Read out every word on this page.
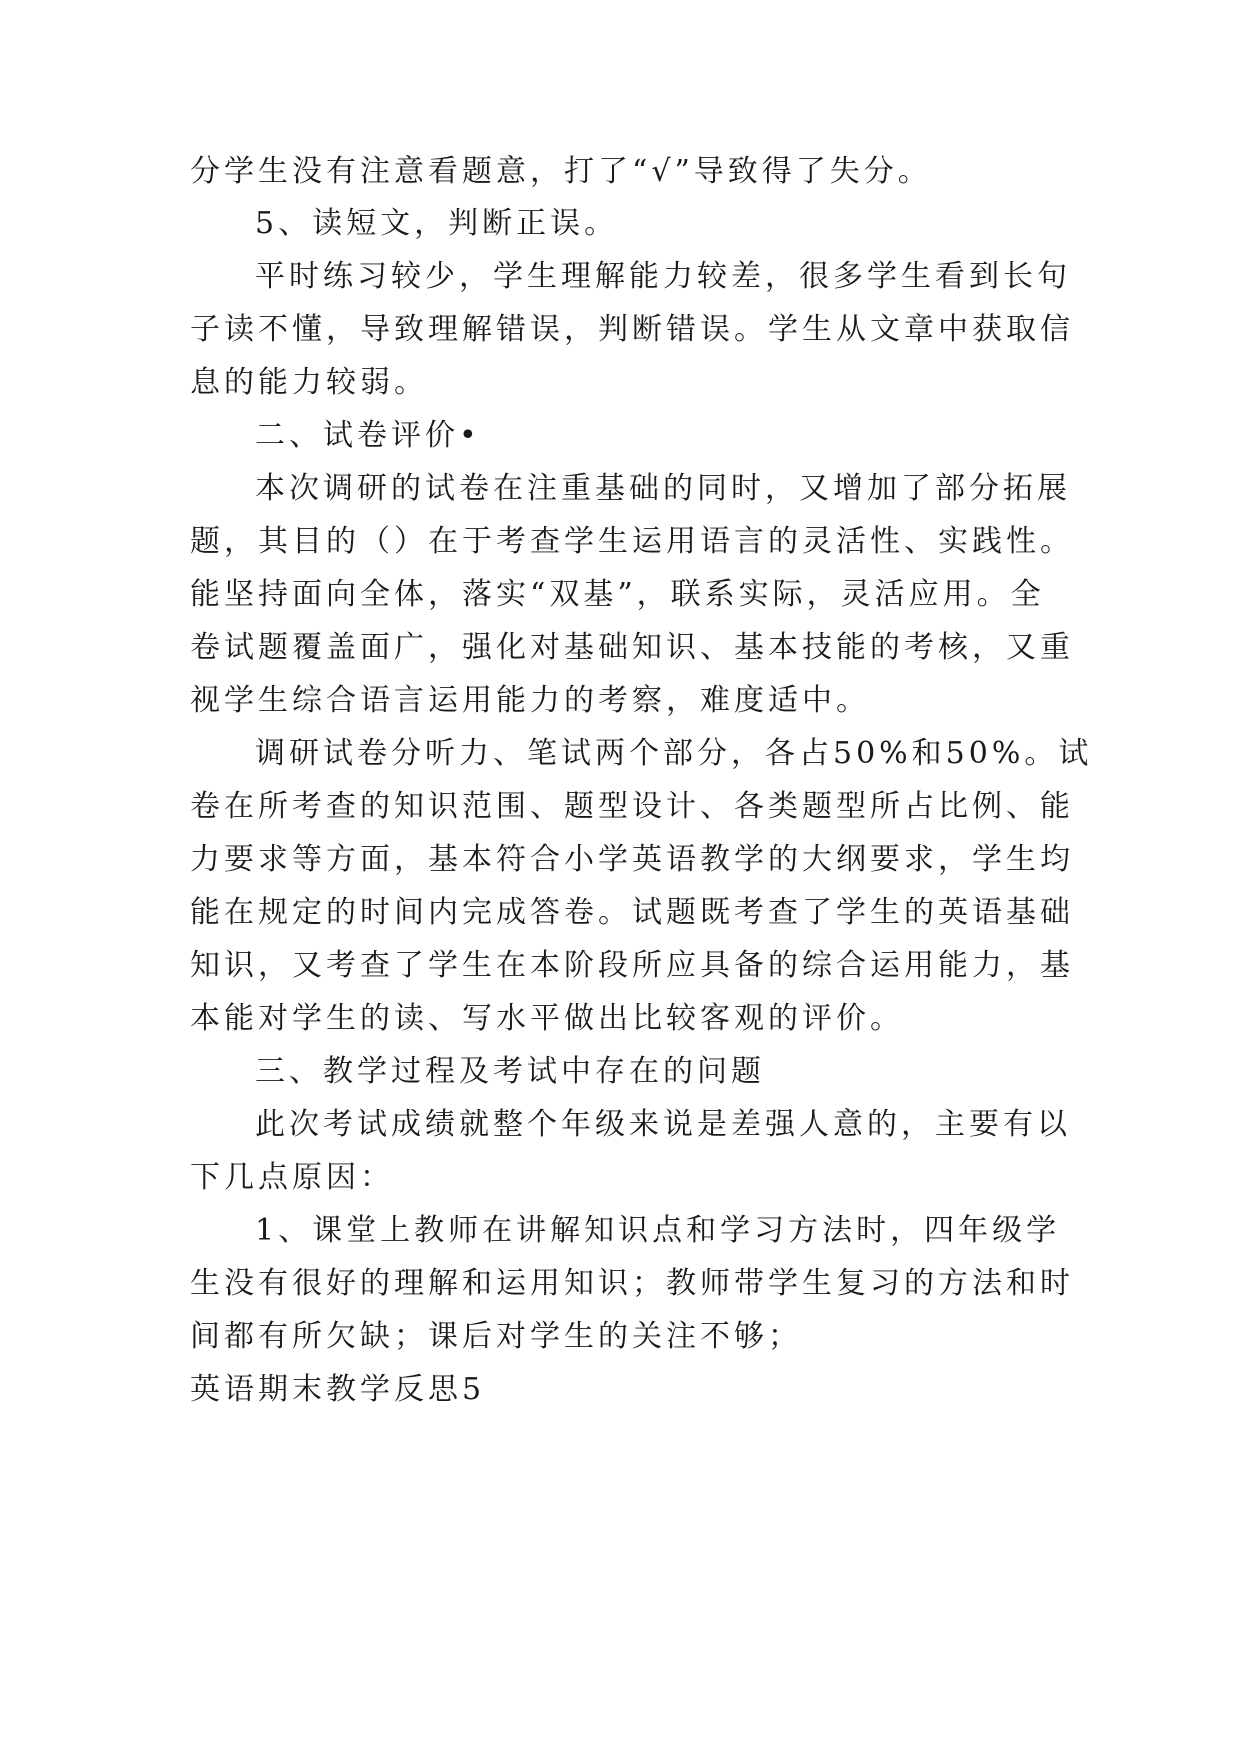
分学生没有注意看题意，打了“√”导致得了失分。
5、读短文，判断正误。
平时练习较少，学生理解能力较差，很多学生看到长句
子读不懂，导致理解错误，判断错误。学生从文章中获取信
息的能力较弱。
二、试卷评价•
本次调研的试卷在注重基础的同时，又增加了部分拓展
题，其目的（）在于考查学生运用语言的灵活性、实践性。
能坚持面向全体，落实“双基”，联系实际，灵活应用。全
卷试题覆盖面广，强化对基础知识、基本技能的考核，又重
视学生综合语言运用能力的考察，难度适中。
调研试卷分听力、笔试两个部分，各占50%和50%。试
卷在所考查的知识范围、题型设计、各类题型所占比例、能
力要求等方面，基本符合小学英语教学的大纲要求，学生均
能在规定的时间内完成答卷。试题既考查了学生的英语基础
知识，又考查了学生在本阶段所应具备的综合运用能力，基
本能对学生的读、写水平做出比较客观的评价。
三、教学过程及考试中存在的问题
此次考试成绩就整个年级来说是差强人意的，主要有以
下几点原因：
1、课堂上教师在讲解知识点和学习方法时，四年级学
生没有很好的理解和运用知识；教师带学生复习的方法和时
间都有所欠缺；课后对学生的关注不够；
英语期末教学反思5
